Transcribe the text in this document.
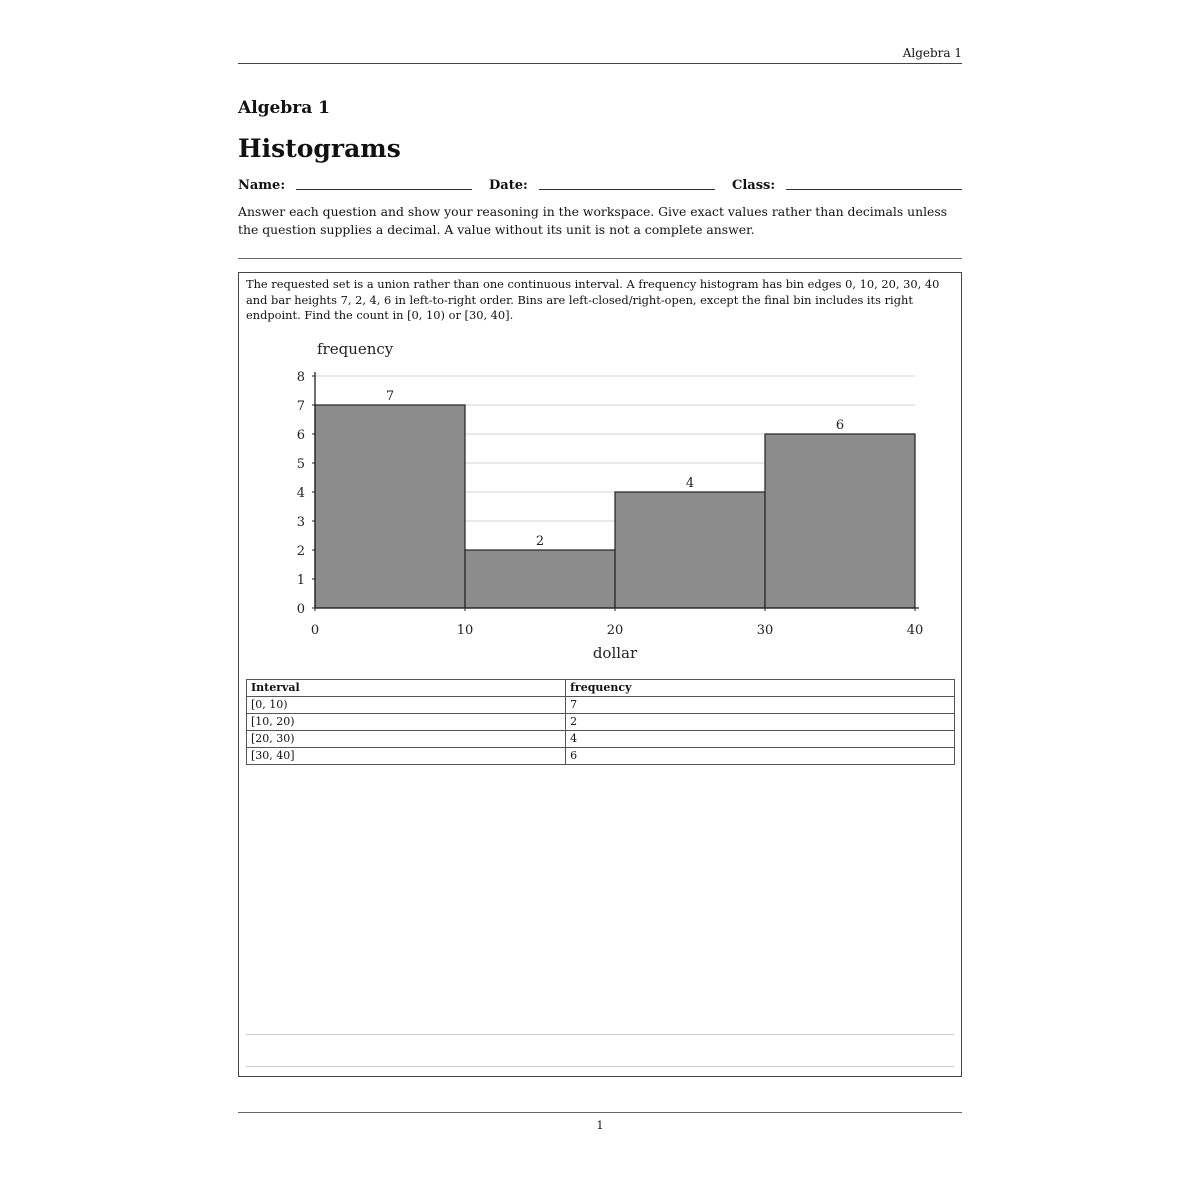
Algebra 1
Algebra 1
Histograms
Name:	Date:	Class:

Answer each question and show your reasoning in the workspace. Give exact values rather than decimals unless the question supplies a decimal. A value without its unit is not a complete answer.

The requested set is a union rather than one continuous interval. A frequency histogram has bin edges 0, 10, 20, 30, 40 and bar heights 7, 2, 4, 6 in left-to-right order. Bins are left-closed/right-open, except the final bin includes its right endpoint. Find the count in [0, 10) or [30, 40].

7
2
4
6
0
1
2
3
4
5
6
7
8
0	10	20	30	40
frequency
dollar
Interval	frequency
[0, 10)	7
[10, 20)	2
[20, 30)	4
[30, 40]	6
1
